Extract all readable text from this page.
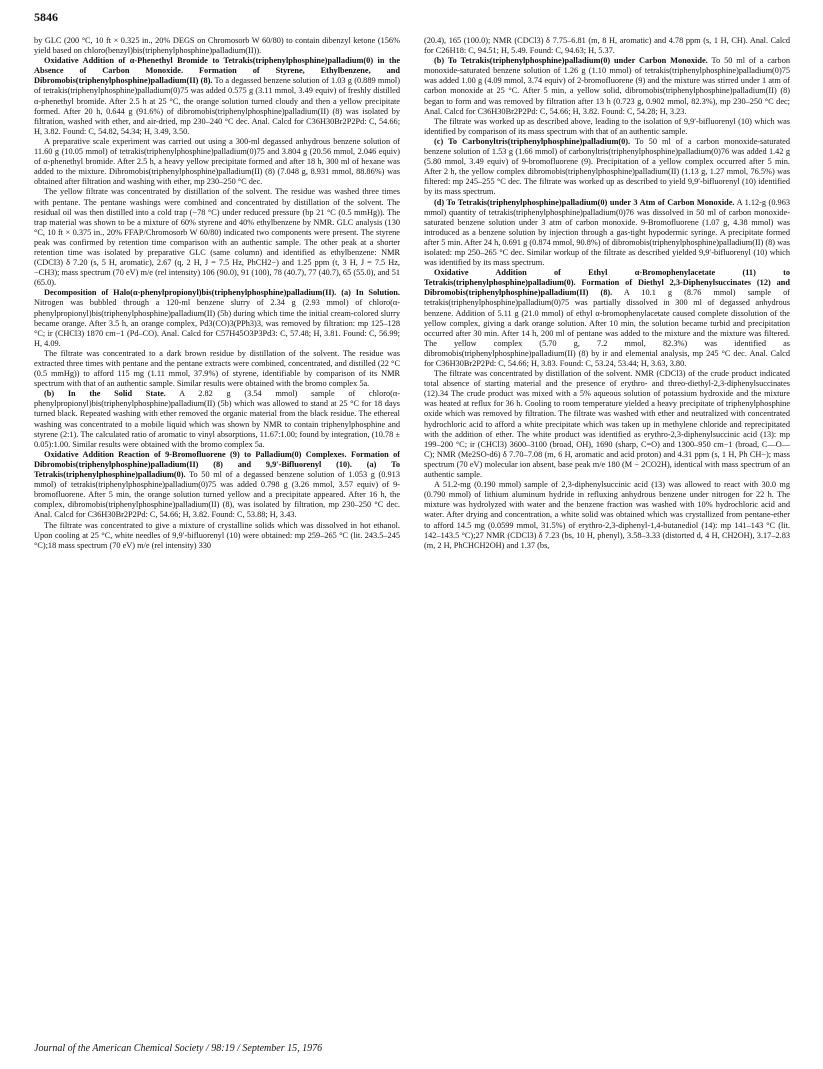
5846

by GLC (200 °C, 10 ft × 0.325 in., 20% DEGS on Chromosorb W 60/80) to contain dibenzyl ketone (156% yield based on chloro(benzyl)bis(triphenylphosphine)palladium(II)).

Oxidative Addition of α-Phenethyl Bromide to Tetrakis(triphenylphosphine)palladium(0) in the Absence of Carbon Monoxide. Formation of Styrene, Ethylbenzene, and Dibromobis(triphenylphosphine)palladium(II) (8). To a degassed benzene solution of 1.03 g (0.889 mmol) of tetrakis(triphenylphosphine)palladium(0)75 was added 0.575 g (3.11 mmol, 3.49 equiv) of freshly distilled α-phenethyl bromide. After 2.5 h at 25 °C, the orange solution turned cloudy and then a yellow precipitate formed. After 20 h, 0.644 g (91.6%) of dibromobis(triphenylphosphine)palladium(II) (8) was isolated by filtration, washed with ether, and air-dried, mp 230–240 °C dec. Anal. Calcd for C36H30Br2P2Pd: C, 54.66; H, 3.82. Found: C, 54.82, 54.34; H, 3.49, 3.50.

A preparative scale experiment was carried out using a 300-ml degassed anhydrous benzene solution of 11.60 g (10.05 mmol) of tetrakis(triphenylphosphine)palladium(0)75 and 3.804 g (20.56 mmol, 2.046 equiv) of α-phenethyl bromide. After 2.5 h, a heavy yellow precipitate formed and after 18 h, 300 ml of hexane was added to the mixture. Dibromobis(triphenylphosphine)palladium(II) (8) (7.048 g, 8.931 mmol, 88.86%) was obtained after filtration and washing with ether, mp 230–250 °C dec.

The yellow filtrate was concentrated by distillation of the solvent. The residue was washed three times with pentane. The pentane washings were combined and concentrated by distillation of the solvent. The residual oil was then distilled into a cold trap (−78 °C) under reduced pressure (bp 21 °C (0.5 mmHg)). The trap material was shown to be a mixture of 60% styrene and 40% ethylbenzene by NMR. GLC analysis (130 °C, 10 ft × 0.375 in., 20% FFAP/Chromosorb W 60/80) indicated two components were present. The styrene peak was confirmed by retention time comparison with an authentic sample. The other peak at a shorter retention time was isolated by preparative GLC (same column) and identified as ethylbenzene: NMR (CDCl3) δ 7.20 (s, 5 H, aromatic), 2.67 (q, 2 H, J = 7.5 Hz, PhCH2−) and 1.25 ppm (t, 3 H, J = 7.5 Hz, −CH3); mass spectrum (70 eV) m/e (rel intensity) 106 (90.0), 91 (100), 78 (40.7), 77 (40.7), 65 (55.0), and 51 (65.0).

Decomposition of Halo(α-phenylpropionyl)bis(triphenylphosphine)palladium(II). (a) In Solution. Nitrogen was bubbled through a 120-ml benzene slurry of 2.34 g (2.93 mmol) of chloro(α-phenylpropionyl)bis(triphenylphosphine)palladium(II) (5b) during which time the initial cream-colored slurry became orange. After 3.5 h, an orange complex, Pd3(CO)3(PPh3)3, was removed by filtration: mp 125–128 °C; ir (CHCl3) 1870 cm−1 (Pd–CO). Anal. Calcd for C57H45O3P3Pd3: C, 57.48; H, 3.81. Found: C, 56.99; H, 4.09.

The filtrate was concentrated to a dark brown residue by distillation of the solvent. The residue was extracted three times with pentane and the pentane extracts were combined, concentrated, and distilled (22 °C (0.5 mmHg)) to afford 115 mg (1.11 mmol, 37.9%) of styrene, identifiable by comparison of its NMR spectrum with that of an authentic sample. Similar results were obtained with the bromo complex 5a.

(b) In the Solid State. A 2.82 g (3.54 mmol) sample of chloro(α-phenylpropionyl)bis(triphenylphosphine)palladium(II) (5b) which was allowed to stand at 25 °C for 18 days turned black. Repeated washing with ether removed the organic material from the black residue. The ethereal washing was concentrated to a mobile liquid which was shown by NMR to contain triphenylphosphine and styrene (2:1). The calculated ratio of aromatic to vinyl absorptions, 11.67:1.00; found by integration, (10.78 ± 0.05):1.00. Similar results were obtained with the bromo complex 5a.

Oxidative Addition Reaction of 9-Bromofluorene (9) to Palladium(0) Complexes. Formation of Dibromobis(triphenylphosphine)palladium(II) (8) and 9,9′-Bifluorenyl (10). (a) To Tetrakis(triphenylphosphine)palladium(0). To 50 ml of a degassed benzene solution of 1.053 g (0.913 mmol) of tetrakis(triphenylphosphine)palladium(0)75 was added 0.798 g (3.26 mmol, 3.57 equiv) of 9-bromofluorene. After 5 min, the orange solution turned yellow and a precipitate appeared. After 16 h, the complex, dibromobis(triphenylphosphine)palladium(II) (8), was isolated by filtration, mp 230–250 °C dec. Anal. Calcd for C36H30Br2P2Pd: C, 54.66; H, 3.82. Found: C, 53.88; H, 3.43.

The filtrate was concentrated to give a mixture of crystalline solids which was dissolved in hot ethanol. Upon cooling at 25 °C, white needles of 9,9′-bifluorenyl (10) were obtained: mp 259–265 °C (lit. 243.5–245 °C);18 mass spectrum (70 eV) m/e (rel intensity) 330

(20.4), 165 (100.0); NMR (CDCl3) δ 7.75–6.81 (m, 8 H, aromatic) and 4.78 ppm (s, 1 H, CH). Anal. Calcd for C26H18: C, 94.51; H, 5.49. Found: C, 94.63; H, 5.37.

(b) To Tetrakis(triphenylphosphine)palladium(0) under Carbon Monoxide. To 50 ml of a carbon monoxide-saturated benzene solution of 1.26 g (1.10 mmol) of tetrakis(triphenylphosphine)palladium(0)75 was added 1.00 g (4.09 mmol, 3.74 equiv) of 2-bromofluorene (9) and the mixture was stirred under 1 atm of carbon monoxide at 25 °C. After 5 min, a yellow solid, dibromobis(triphenylphosphine)palladium(II) (8) began to form and was removed by filtration after 13 h (0.723 g, 0.902 mmol, 82.3%), mp 230–250 °C dec; Anal. Calcd for C36H30Br2P2Pd: C, 54.66; H, 3.82. Found: C, 54.28; H, 3.23.

The filtrate was worked up as described above, leading to the isolation of 9,9′-bifluorenyl (10) which was identified by comparison of its mass spectrum with that of an authentic sample.

(c) To Carbonyltris(triphenylphosphine)palladium(0). To 50 ml of a carbon monoxide-saturated benzene solution of 1.53 g (1.66 mmol) of carbonyltris(triphenylphosphine)palladium(0)76 was added 1.42 g (5.80 mmol, 3.49 equiv) of 9-bromofluorene (9). Precipitation of a yellow complex occurred after 5 min. After 2 h, the yellow complex dibromobis(triphenylphosphine)palladium(II) (1.13 g, 1.27 mmol, 76.5%) was filtered: mp 245–255 °C dec. The filtrate was worked up as described to yield 9,9′-bifluorenyl (10) identified by its mass spectrum.

(d) To Tetrakis(triphenylphosphine)palladium(0) under 3 Atm of Carbon Monoxide. A 1.12-g (0.963 mmol) quantity of tetrakis(triphenylphosphine)palladium(0)76 was dissolved in 50 ml of carbon monoxide-saturated benzene solution under 3 atm of carbon monoxide. 9-Bromofluorene (1.07 g, 4.38 mmol) was introduced as a benzene solution by injection through a gas-tight hypodermic syringe. A precipitate formed after 5 min. After 24 h, 0.691 g (0.874 mmol, 90.8%) of dibromobis(triphenylphosphine)palladium(II) (8) was isolated: mp 250–265 °C dec. Similar workup of the filtrate as described yielded 9,9′-bifluorenyl (10) which was identified by its mass spectrum.

Oxidative Addition of Ethyl α-Bromophenylacetate (11) to Tetrakis(triphenylphosphine)palladium(0). Formation of Diethyl 2,3-Diphenylsuccinates (12) and Dibromobis(triphenylphosphine)palladium(II) (8). A 10.1 g (8.76 mmol) sample of tetrakis(triphenylphosphine)palladium(0)75 was partially dissolved in 300 ml of degassed anhydrous benzene. Addition of 5.11 g (21.0 mmol) of ethyl α-bromophenylacetate caused complete dissolution of the yellow complex, giving a dark orange solution. After 10 min, the solution became turbid and precipitation occurred after 30 min. After 14 h, 200 ml of pentane was added to the mixture and the mixture was filtered. The yellow complex (5.70 g, 7.2 mmol, 82.3%) was identified as dibromobis(triphenylphosphine)palladium(II) (8) by ir and elemental analysis, mp 245 °C dec. Anal. Calcd for C36H30Br2P2Pd: C, 54.66; H, 3.83. Found: C, 53.24, 53.44; H, 3.63, 3.80.

The filtrate was concentrated by distillation of the solvent. NMR (CDCl3) of the crude product indicated total absence of starting material and the presence of erythro- and threo-diethyl-2,3-diphenylsuccinates (12).34 The crude product was mixed with a 5% aqueous solution of potassium hydroxide and the mixture was heated at reflux for 36 h. Cooling to room temperature yielded a heavy precipitate of triphenylphosphine oxide which was removed by filtration. The filtrate was washed with ether and neutralized with concentrated hydrochloric acid to afford a white precipitate which was taken up in methylene chloride and reprecipitated with the addition of ether. The white product was identified as erythro-2,3-diphenylsuccinic acid (13): mp 199–200 °C; ir (CHCl3) 3600–3100 (broad, OH), 1690 (sharp, C=O) and 1300–950 cm−1 (broad, C—O—C); NMR (Me2SO-d6) δ 7.70–7.08 (m, 6 H, aromatic and acid proton) and 4.31 ppm (s, 1 H, Ph CH−); mass spectrum (70 eV) molecular ion absent, base peak m/e 180 (M − 2CO2H), identical with mass spectrum of an authentic sample.

A 51.2-mg (0.190 mmol) sample of 2,3-diphenylsuccinic acid (13) was allowed to react with 30.0 mg (0.790 mmol) of lithium aluminum hydride in refluxing anhydrous benzene under nitrogen for 22 h. The mixture was hydrolyzed with water and the benzene fraction was washed with 10% hydrochloric acid and water. After drying and concentration, a white solid was obtained which was crystallized from pentane-ether to afford 14.5 mg (0.0599 mmol, 31.5%) of erythro-2,3-diphenyl-1,4-butanediol (14): mp 141–143 °C (lit. 142–143.5 °C);27 NMR (CDCl3) δ 7.23 (bs, 10 H, phenyl), 3.58–3.33 (distorted d, 4 H, CH2OH), 3.17–2.83 (m, 2 H, PhCHCH2OH) and 1.37 (bs,

Journal of the American Chemical Society / 98:19 / September 15, 1976
